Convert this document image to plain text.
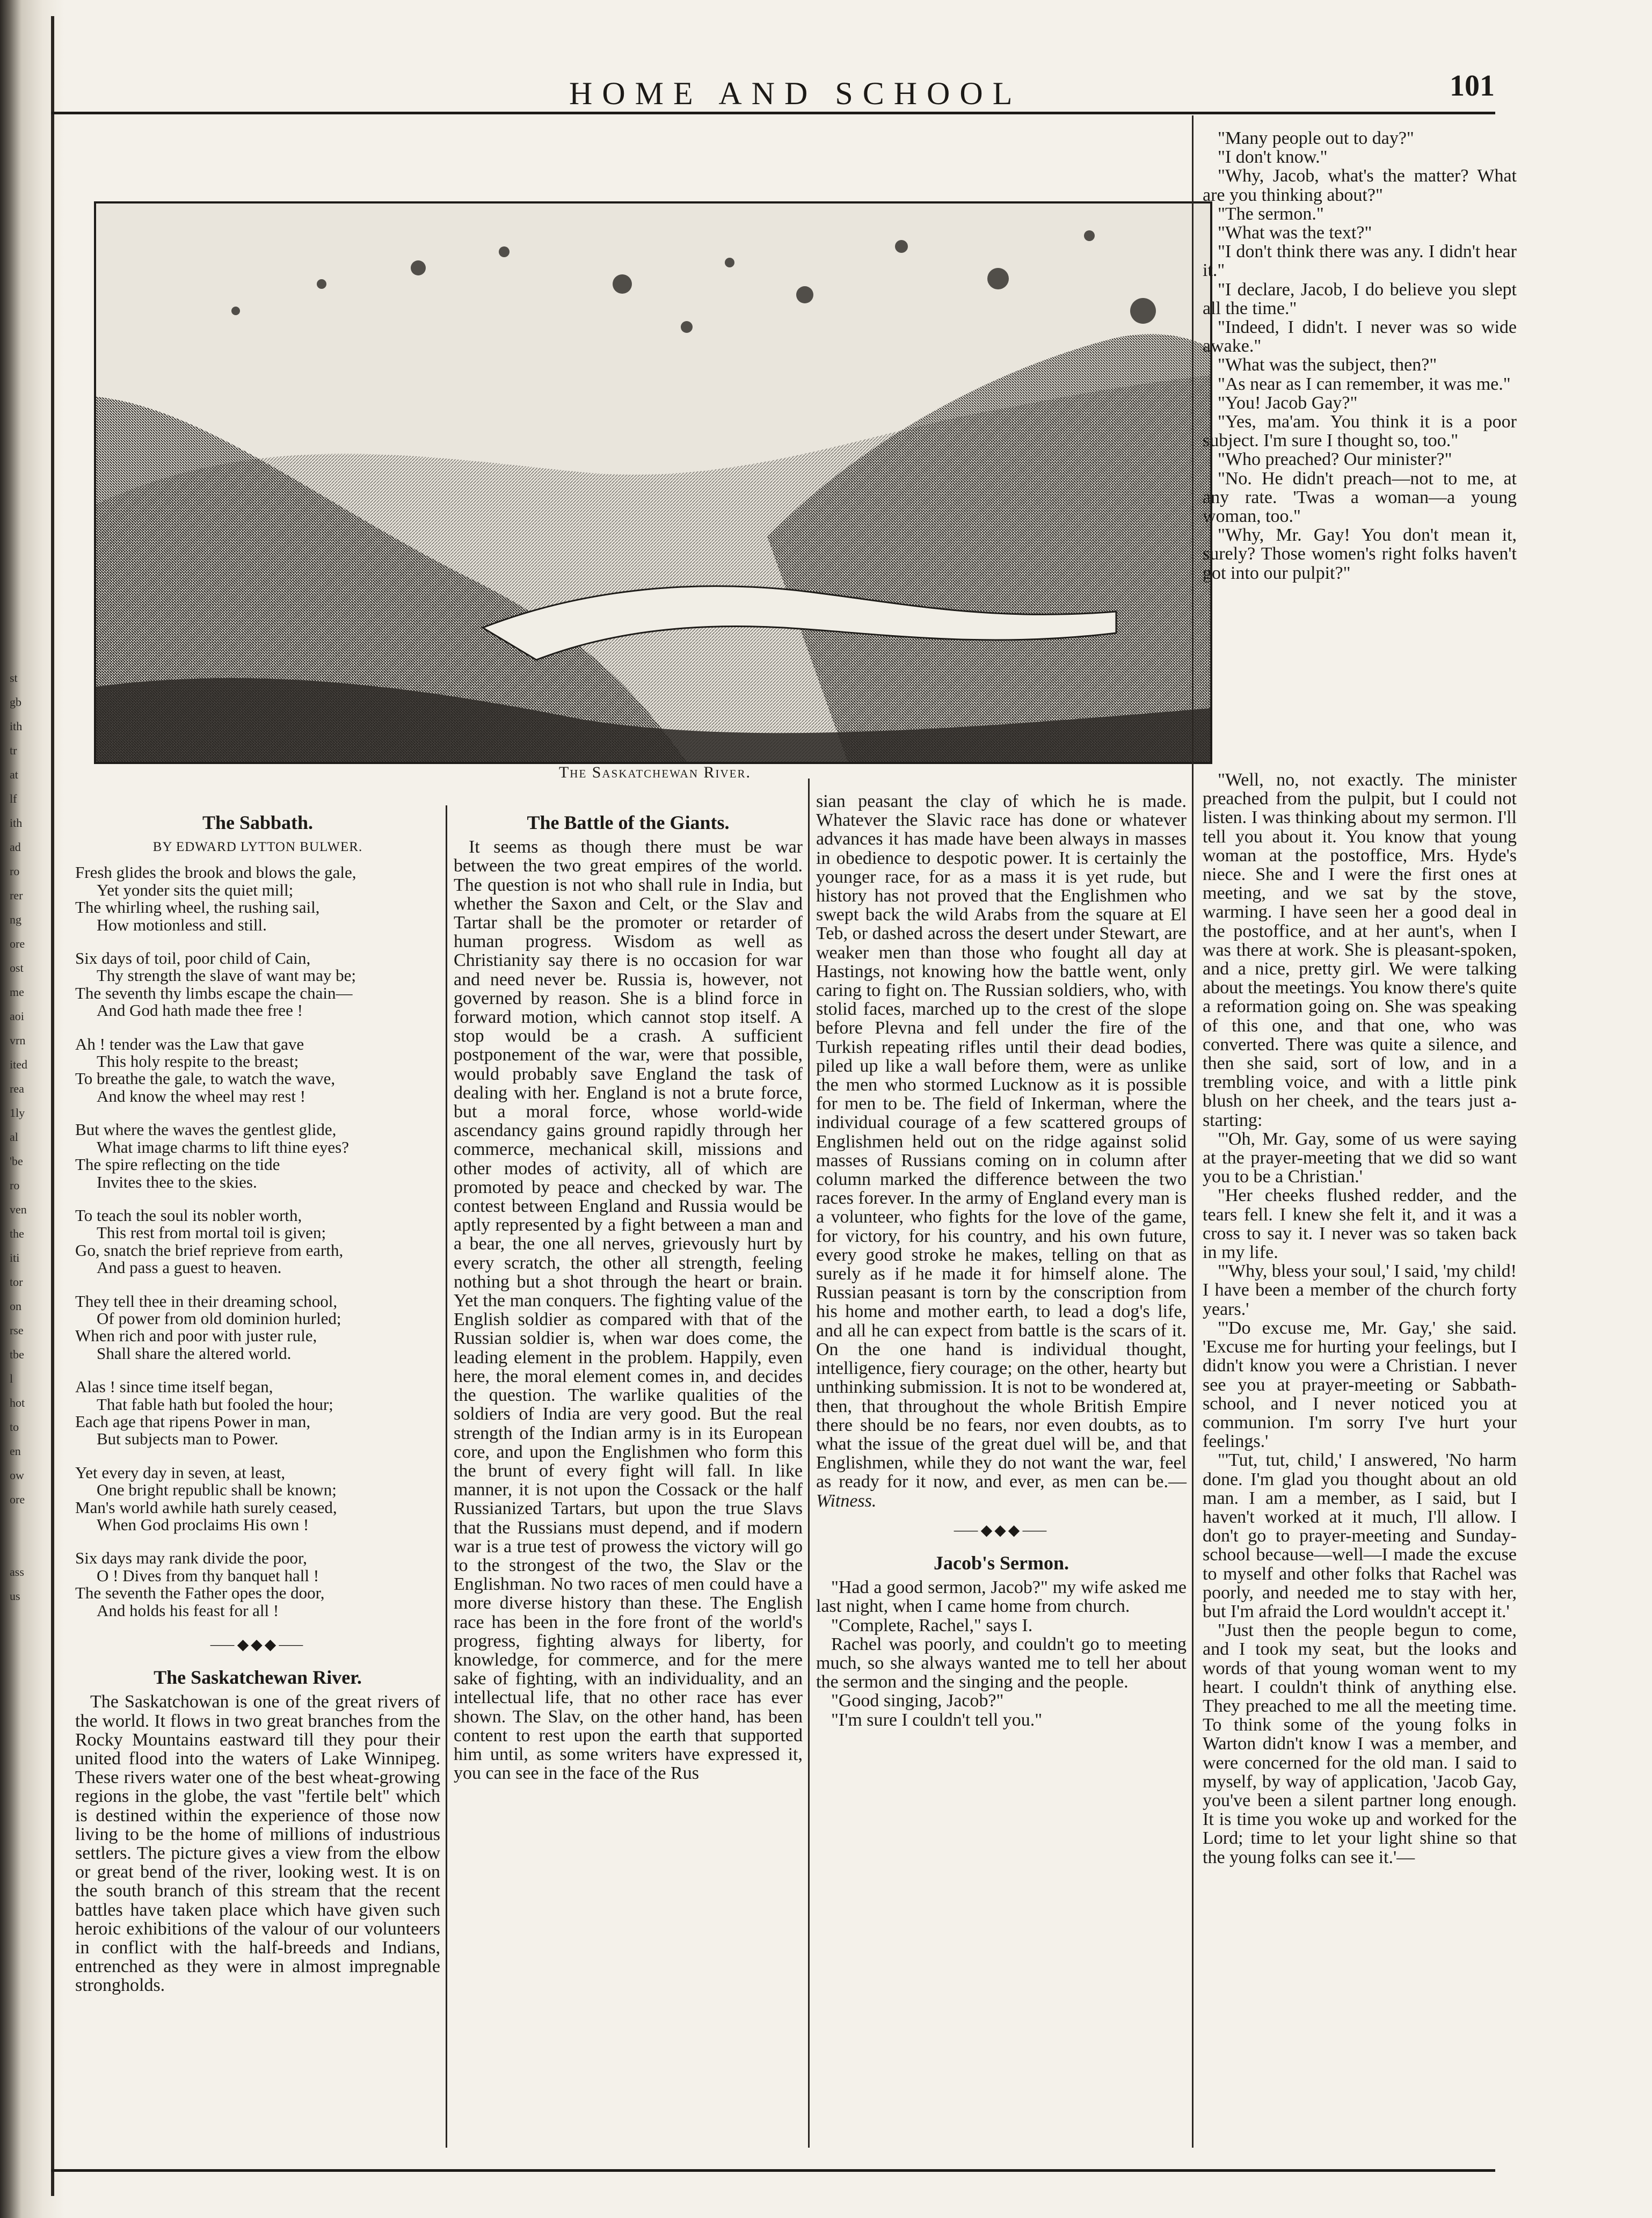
st
gb
ith
tr
at
lf
ith
ad
ro
rer
ng
ore
ost
me
aoi
vrn
ited
rea
1ly
al
'be
ro
ven
the
iti
tor
on
rse
tbe
l
hot
to
en
ow
ore
ass
us
HOME AND SCHOOL	101
The Saskatchewan River.
The Sabbath.
BY EDWARD LYTTON BULWER.
Fresh glides the brook and blows the gale,
Yet yonder sits the quiet mill;
The whirling wheel, the rushing sail,
How motionless and still.
Six days of toil, poor child of Cain,
Thy strength the slave of want may be;
The seventh thy limbs escape the chain—
And God hath made thee free !
Ah ! tender was the Law that gave
This holy respite to the breast;
To breathe the gale, to watch the wave,
And know the wheel may rest !
But where the waves the gentlest glide,
What image charms to lift thine eyes?
The spire reflecting on the tide
Invites thee to the skies.
To teach the soul its nobler worth,
This rest from mortal toil is given;
Go, snatch the brief reprieve from earth,
And pass a guest to heaven.
They tell thee in their dreaming school,
Of power from old dominion hurled;
When rich and poor with juster rule,
Shall share the altered world.
Alas ! since time itself began,
That fable hath but fooled the hour;
Each age that ripens Power in man,
But subjects man to Power.
Yet every day in seven, at least,
One bright republic shall be known;
Man's world awhile hath surely ceased,
When God proclaims His own !
Six days may rank divide the poor,
O ! Dives from thy banquet hall !
The seventh the Father opes the door,
And holds his feast for all !
⸺◆◆◆⸺
The Saskatchewan River.

The Saskatchowan is one of the great rivers of the world. It flows in two great branches from the Rocky Mountains eastward till they pour their united flood into the waters of Lake Winnipeg. These rivers water one of the best wheat-growing regions in the globe, the vast "fertile belt" which is destined within the experience of those now living to be the home of millions of industrious settlers. The picture gives a view from the elbow or great bend of the river, looking west. It is on the south branch of this stream that the recent battles have taken place which have given such heroic exhibitions of the valour of our volunteers in conflict with the half-breeds and Indians, entrenched as they were in almost impregnable strongholds.

The Battle of the Giants.

It seems as though there must be war between the two great empires of the world. The question is not who shall rule in India, but whether the Saxon and Celt, or the Slav and Tartar shall be the promoter or retarder of human progress. Wisdom as well as Christianity say there is no occasion for war and need never be. Russia is, however, not governed by reason. She is a blind force in forward motion, which cannot stop itself. A stop would be a crash. A sufficient postponement of the war, were that possible, would probably save England the task of dealing with her. England is not a brute force, but a moral force, whose world-wide ascendancy gains ground rapidly through her commerce, mechanical skill, missions and other modes of activity, all of which are promoted by peace and checked by war. The contest between England and Russia would be aptly represented by a fight between a man and a bear, the one all nerves, grievously hurt by every scratch, the other all strength, feeling nothing but a shot through the heart or brain. Yet the man conquers. The fighting value of the English soldier as compared with that of the Russian soldier is, when war does come, the leading element in the problem. Happily, even here, the moral element comes in, and decides the question. The warlike qualities of the soldiers of India are very good. But the real strength of the Indian army is in its European core, and upon the Englishmen who form this the brunt of every fight will fall. In like manner, it is not upon the Cossack or the half Russianized Tartars, but upon the true Slavs that the Russians must depend, and if modern war is a true test of prowess the victory will go to the strongest of the two, the Slav or the Englishman. No two races of men could have a more diverse history than these. The English race has been in the fore front of the world's progress, fighting always for liberty, for knowledge, for commerce, and for the mere sake of fighting, with an individuality, and an intellectual life, that no other race has ever shown. The Slav, on the other hand, has been content to rest upon the earth that supported him until, as some writers have expressed it, you can see in the face of the Rus

sian peasant the clay of which he is made. Whatever the Slavic race has done or whatever advances it has made have been always in masses in obedience to despotic power. It is certainly the younger race, for as a mass it is yet rude, but history has not proved that the Englishmen who swept back the wild Arabs from the square at El Teb, or dashed across the desert under Stewart, are weaker men than those who fought all day at Hastings, not knowing how the battle went, only caring to fight on. The Russian soldiers, who, with stolid faces, marched up to the crest of the slope before Plevna and fell under the fire of the Turkish repeating rifles until their dead bodies, piled up like a wall before them, were as unlike the men who stormed Lucknow as it is possible for men to be. The field of Inkerman, where the individual courage of a few scattered groups of Englishmen held out on the ridge against solid masses of Russians coming on in column after column marked the difference between the two races forever. In the army of England every man is a volunteer, who fights for the love of the game, for victory, for his country, and his own future, every good stroke he makes, telling on that as surely as if he made it for himself alone. The Russian peasant is torn by the conscription from his home and mother earth, to lead a dog's life, and all he can expect from battle is the scars of it. On the one hand is individual thought, intelligence, fiery courage; on the other, hearty but unthinking submission. It is not to be wondered at, then, that throughout the whole British Empire there should be no fears, nor even doubts, as to what the issue of the great duel will be, and that Englishmen, while they do not want the war, feel as ready for it now, and ever, as men can be.—Witness.

⸺◆◆◆⸺
Jacob's Sermon.

"Had a good sermon, Jacob?" my wife asked me last night, when I came home from church.

"Complete, Rachel," says I.

Rachel was poorly, and couldn't go to meeting much, so she always wanted me to tell her about the sermon and the singing and the people.

"Good singing, Jacob?"

"I'm sure I couldn't tell you."

"Many people out to day?"

"I don't know."

"Why, Jacob, what's the matter? What are you thinking about?"

"The sermon."

"What was the text?"

"I don't think there was any. I didn't hear it."

"I declare, Jacob, I do believe you slept all the time."

"Indeed, I didn't. I never was so wide awake."

"What was the subject, then?"

"As near as I can remember, it was me."

"You! Jacob Gay?"

"Yes, ma'am. You think it is a poor subject. I'm sure I thought so, too."

"Who preached? Our minister?"

"No. He didn't preach—not to me, at any rate. 'Twas a woman—a young woman, too."

"Why, Mr. Gay! You don't mean it, surely? Those women's right folks haven't got into our pulpit?"

"Well, no, not exactly. The minister preached from the pulpit, but I could not listen. I was thinking about my sermon. I'll tell you about it. You know that young woman at the postoffice, Mrs. Hyde's niece. She and I were the first ones at meeting, and we sat by the stove, warming. I have seen her a good deal in the postoffice, and at her aunt's, when I was there at work. She is pleasant-spoken, and a nice, pretty girl. We were talking about the meetings. You know there's quite a reformation going on. She was speaking of this one, and that one, who was converted. There was quite a silence, and then she said, sort of low, and in a trembling voice, and with a little pink blush on her cheek, and the tears just a-starting:

"'Oh, Mr. Gay, some of us were saying at the prayer-meeting that we did so want you to be a Christian.'

"Her cheeks flushed redder, and the tears fell. I knew she felt it, and it was a cross to say it. I never was so taken back in my life.

"'Why, bless your soul,' I said, 'my child! I have been a member of the church forty years.'

"'Do excuse me, Mr. Gay,' she said. 'Excuse me for hurting your feelings, but I didn't know you were a Christian. I never see you at prayer-meeting or Sabbath-school, and I never noticed you at communion. I'm sorry I've hurt your feelings.'

"'Tut, tut, child,' I answered, 'No harm done. I'm glad you thought about an old man. I am a member, as I said, but I haven't worked at it much, I'll allow. I don't go to prayer-meeting and Sunday-school because—well—I made the excuse to myself and other folks that Rachel was poorly, and needed me to stay with her, but I'm afraid the Lord wouldn't accept it.'

"Just then the people begun to come, and I took my seat, but the looks and words of that young woman went to my heart. I couldn't think of anything else. They preached to me all the meeting time. To think some of the young folks in Warton didn't know I was a member, and were concerned for the old man. I said to myself, by way of application, 'Jacob Gay, you've been a silent partner long enough. It is time you woke up and worked for the Lord; time to let your light shine so that the young folks can see it.'—
